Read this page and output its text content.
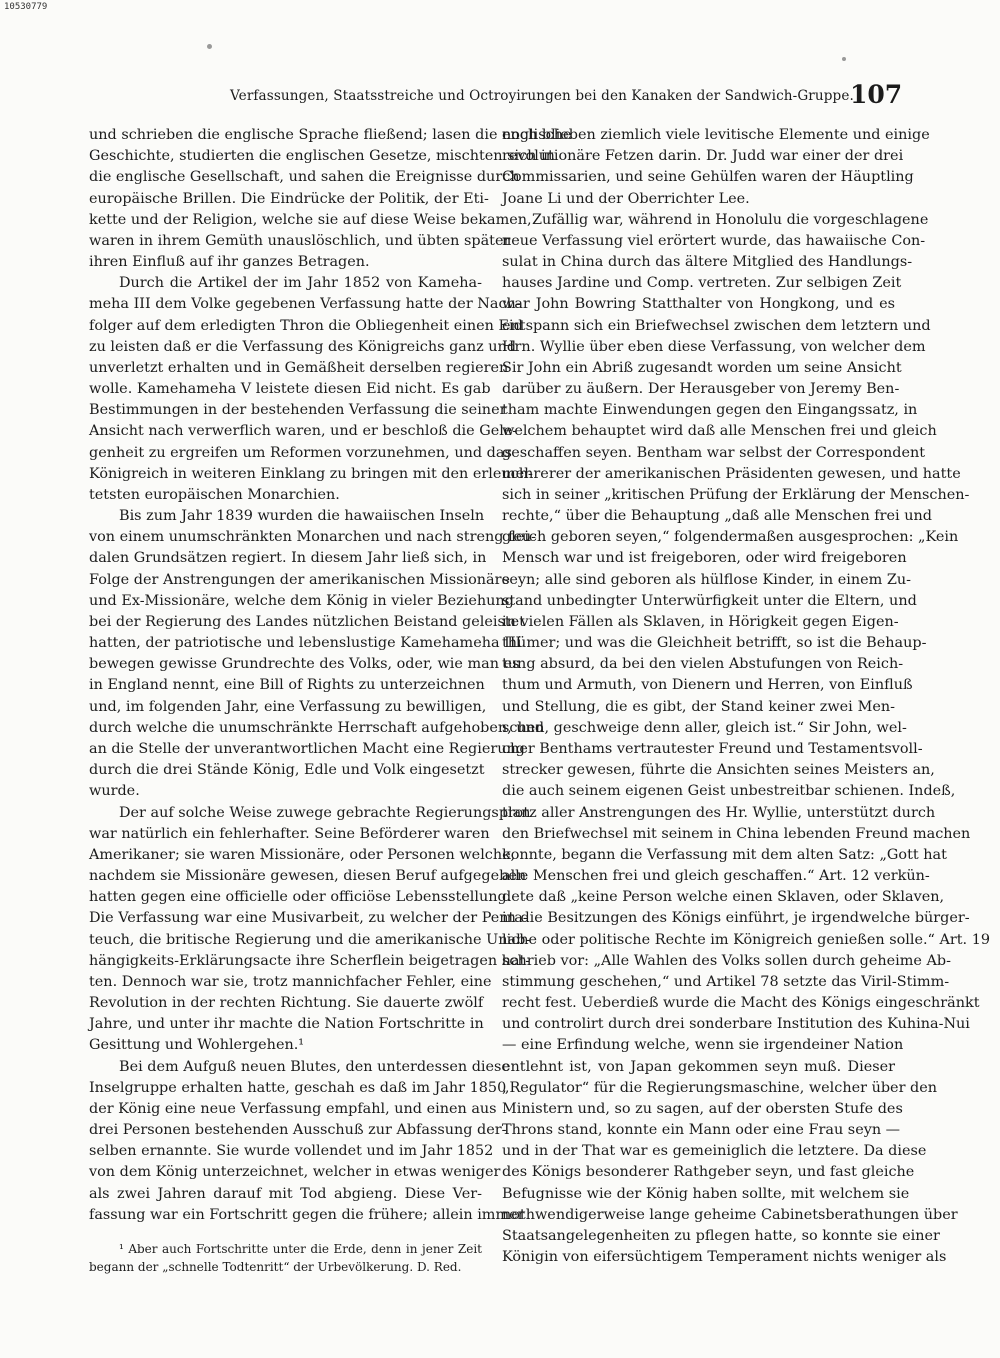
10530779
Verfassungen, Staatsstreiche und Octroyirungen bei den Kanaken der Sandwich-Gruppe.
107
und schrieben die englische Sprache fließend; lasen die englische
Geschichte, studierten die englischen Gesetze, mischten sich in
die englische Gesellschaft, und sahen die Ereignisse durch
europäische Brillen. Die Eindrücke der Politik, der Eti-
kette und der Religion, welche sie auf diese Weise bekamen,
waren in ihrem Gemüth unauslöschlich, und übten später
ihren Einfluß auf ihr ganzes Betragen.
Durch die Artikel der im Jahr 1852 von Kameha-
meha III dem Volke gegebenen Verfassung hatte der Nach-
folger auf dem erledigten Thron die Obliegenheit einen Eid
zu leisten daß er die Verfassung des Königreichs ganz und
unverletzt erhalten und in Gemäßheit derselben regieren
wolle. Kamehameha V leistete diesen Eid nicht. Es gab
Bestimmungen in der bestehenden Verfassung die seiner
Ansicht nach verwerflich waren, und er beschloß die Gele-
genheit zu ergreifen um Reformen vorzunehmen, und das
Königreich in weiteren Einklang zu bringen mit den erleuch-
tetsten europäischen Monarchien.
Bis zum Jahr 1839 wurden die hawaiischen Inseln
von einem unumschränkten Monarchen und nach streng feu-
dalen Grundsätzen regiert. In diesem Jahr ließ sich, in
Folge der Anstrengungen der amerikanischen Missionäre
und Ex-Missionäre, welche dem König in vieler Beziehung
bei der Regierung des Landes nützlichen Beistand geleistet
hatten, der patriotische und lebenslustige Kamehameha III
bewegen gewisse Grundrechte des Volks, oder, wie man es
in England nennt, eine Bill of Rights zu unterzeichnen
und, im folgenden Jahr, eine Verfassung zu bewilligen,
durch welche die unumschränkte Herrschaft aufgehoben, und
an die Stelle der unverantwortlichen Macht eine Regierung
durch die drei Stände König, Edle und Volk eingesetzt
wurde.
Der auf solche Weise zuwege gebrachte Regierungsplan
war natürlich ein fehlerhafter. Seine Beförderer waren
Amerikaner; sie waren Missionäre, oder Personen welche,
nachdem sie Missionäre gewesen, diesen Beruf aufgegeben
hatten gegen eine officielle oder officiöse Lebensstellung.
Die Verfassung war eine Musivarbeit, zu welcher der Penta-
teuch, die britische Regierung und die amerikanische Unab-
hängigkeits-Erklärungsacte ihre Scherflein beigetragen hat-
ten. Dennoch war sie, trotz mannichfacher Fehler, eine
Revolution in der rechten Richtung. Sie dauerte zwölf
Jahre, und unter ihr machte die Nation Fortschritte in
Gesittung und Wohlergehen.¹
Bei dem Aufguß neuen Blutes, den unterdessen diese
Inselgruppe erhalten hatte, geschah es daß im Jahr 1850
der König eine neue Verfassung empfahl, und einen aus
drei Personen bestehenden Ausschuß zur Abfassung der-
selben ernannte. Sie wurde vollendet und im Jahr 1852
von dem König unterzeichnet, welcher in etwas weniger
als zwei Jahren darauf mit Tod abgieng. Diese Ver-
fassung war ein Fortschritt gegen die frühere; allein immer
¹ Aber auch Fortschritte unter die Erde, denn in jener Zeit
begann der „schnelle Todtenritt“ der Urbevölkerung. D. Red.
noch blieben ziemlich viele levitische Elemente und einige
revolutionäre Fetzen darin. Dr. Judd war einer der drei
Commissarien, und seine Gehülfen waren der Häuptling
Joane Li und der Oberrichter Lee.
Zufällig war, während in Honolulu die vorgeschlagene
neue Verfassung viel erörtert wurde, das hawaiische Con-
sulat in China durch das ältere Mitglied des Handlungs-
hauses Jardine und Comp. vertreten. Zur selbigen Zeit
war John Bowring Statthalter von Hongkong, und es
entspann sich ein Briefwechsel zwischen dem letztern und
Hrn. Wyllie über eben diese Verfassung, von welcher dem
Sir John ein Abriß zugesandt worden um seine Ansicht
darüber zu äußern. Der Herausgeber von Jeremy Ben-
tham machte Einwendungen gegen den Eingangssatz, in
welchem behauptet wird daß alle Menschen frei und gleich
geschaffen seyen. Bentham war selbst der Correspondent
mehrerer der amerikanischen Präsidenten gewesen, und hatte
sich in seiner „kritischen Prüfung der Erklärung der Menschen-
rechte,“ über die Behauptung „daß alle Menschen frei und
gleich geboren seyen,“ folgendermaßen ausgesprochen: „Kein
Mensch war und ist freigeboren, oder wird freigeboren
seyn; alle sind geboren als hülflose Kinder, in einem Zu-
stand unbedingter Unterwürfigkeit unter die Eltern, und
in vielen Fällen als Sklaven, in Hörigkeit gegen Eigen-
thümer; und was die Gleichheit betrifft, so ist die Behaup-
tung absurd, da bei den vielen Abstufungen von Reich-
thum und Armuth, von Dienern und Herren, von Einfluß
und Stellung, die es gibt, der Stand keiner zwei Men-
schen, geschweige denn aller, gleich ist.“ Sir John, wel-
cher Benthams vertrautester Freund und Testamentsvoll-
strecker gewesen, führte die Ansichten seines Meisters an,
die auch seinem eigenen Geist unbestreitbar schienen. Indeß,
trotz aller Anstrengungen des Hr. Wyllie, unterstützt durch
den Briefwechsel mit seinem in China lebenden Freund machen
konnte, begann die Verfassung mit dem alten Satz: „Gott hat
alle Menschen frei und gleich geschaffen.“ Art. 12 verkün-
dete daß „keine Person welche einen Sklaven, oder Sklaven,
in die Besitzungen des Königs einführt, je irgendwelche bürger-
liche oder politische Rechte im Königreich genießen solle.“ Art. 19
schrieb vor: „Alle Wahlen des Volks sollen durch geheime Ab-
stimmung geschehen,“ und Artikel 78 setzte das Viril-Stimm-
recht fest. Ueberdieß wurde die Macht des Königs eingeschränkt
und controlirt durch drei sonderbare Institution des Kuhina-Nui
— eine Erfindung welche, wenn sie irgendeiner Nation
entlehnt ist, von Japan gekommen seyn muß. Dieser
„Regulator“ für die Regierungsmaschine, welcher über den
Ministern und, so zu sagen, auf der obersten Stufe des
Throns stand, konnte ein Mann oder eine Frau seyn —
und in der That war es gemeiniglich die letztere. Da diese
des Königs besonderer Rathgeber seyn, und fast gleiche
Befugnisse wie der König haben sollte, mit welchem sie
nothwendigerweise lange geheime Cabinetsberathungen über
Staatsangelegenheiten zu pflegen hatte, so konnte sie einer
Königin von eifersüchtigem Temperament nichts weniger als
